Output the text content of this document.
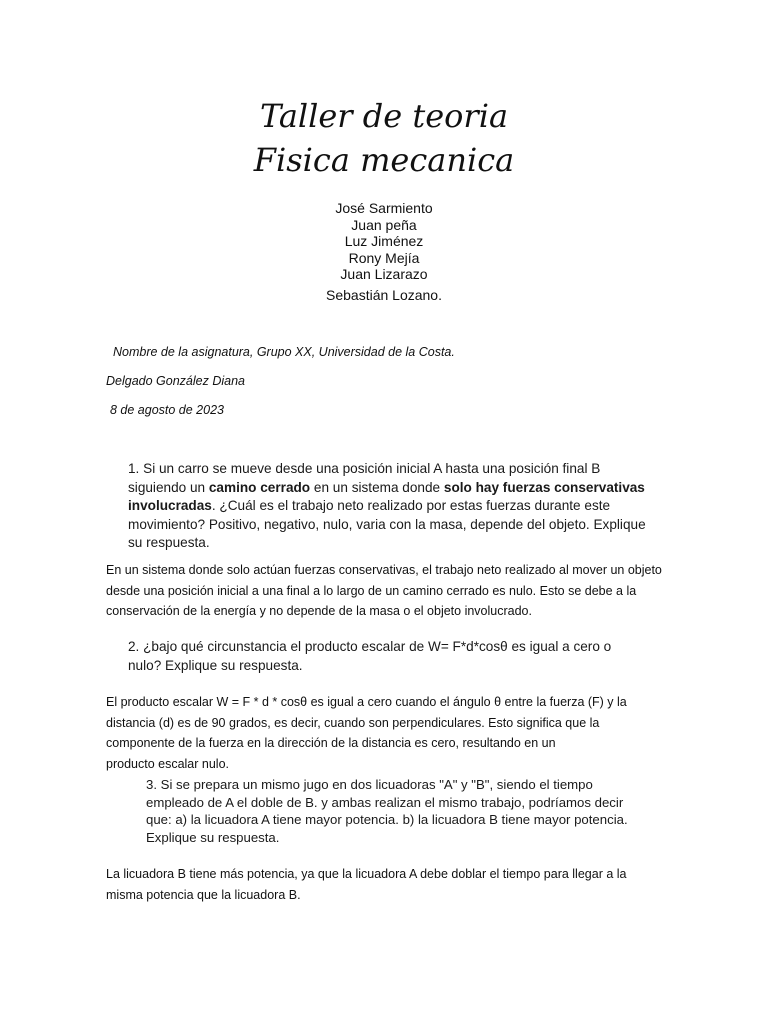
Taller de teoria
Fisica mecanica
José Sarmiento
Juan peña
Luz Jiménez
Rony Mejía
Juan Lizarazo
Sebastián Lozano.
Nombre de la asignatura, Grupo XX, Universidad de la Costa.
Delgado González Diana
8 de agosto de 2023
1. Si un carro se mueve desde una posición inicial A hasta una posición final B siguiendo un camino cerrado en un sistema donde solo hay fuerzas conservativas involucradas. ¿Cuál es el trabajo neto realizado por estas fuerzas durante este movimiento? Positivo, negativo, nulo, varia con la masa, depende del objeto. Explique su respuesta.
En un sistema donde solo actúan fuerzas conservativas, el trabajo neto realizado al mover un objeto desde una posición inicial a una final a lo largo de un camino cerrado es nulo. Esto se debe a la conservación de la energía y no depende de la masa o el objeto involucrado.
2. ¿bajo qué circunstancia el producto escalar de W= F*d*cosθ es igual a cero o nulo? Explique su respuesta.
El producto escalar W = F * d * cosθ es igual a cero cuando el ángulo θ entre la fuerza (F) y la
distancia (d) es de 90 grados, es decir, cuando son perpendiculares. Esto significa que la
componente de la fuerza en la dirección de la distancia es cero, resultando en un
producto escalar nulo.
3. Si se prepara un mismo jugo en dos licuadoras "A" y "B", siendo el tiempo empleado de A el doble de B. y ambas realizan el mismo trabajo, podríamos decir que: a) la licuadora A tiene mayor potencia. b) la licuadora B tiene mayor potencia. Explique su respuesta.
La licuadora B tiene más potencia, ya que la licuadora A debe doblar el tiempo para llegar a la misma potencia que la licuadora B.
